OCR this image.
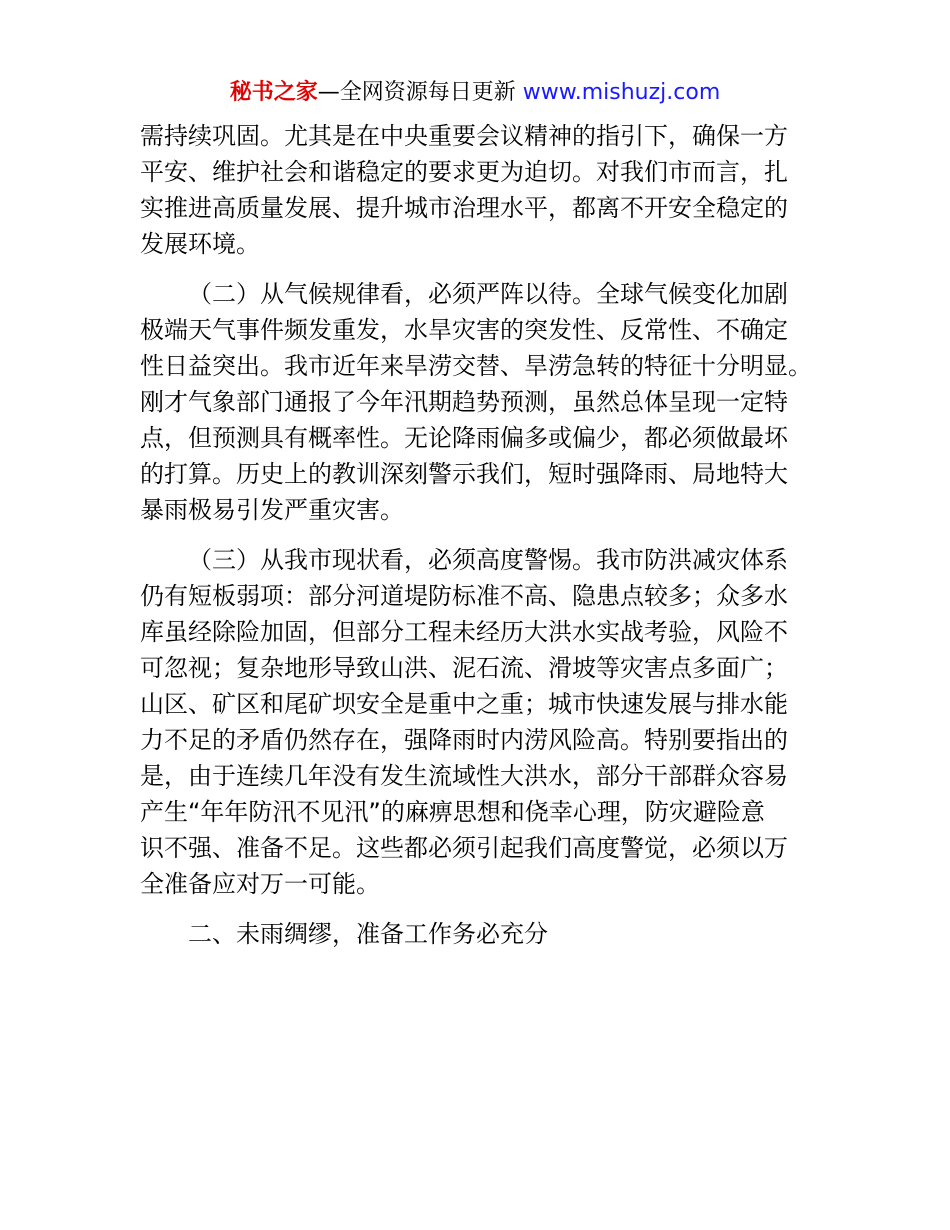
秘书之家—全网资源每日更新 www.mishuzj.com
需持续巩固。尤其是在中央重要会议精神的指引下，确保一方
平安、维护社会和谐稳定的要求更为迫切。对我们市而言，扎
实推进高质量发展、提升城市治理水平，都离不开安全稳定的
发展环境。
（二）从气候规律看，必须严阵以待。全球气候变化加剧
极端天气事件频发重发，水旱灾害的突发性、反常性、不确定
性日益突出。我市近年来旱涝交替、旱涝急转的特征十分明显。
刚才气象部门通报了今年汛期趋势预测，虽然总体呈现一定特
点，但预测具有概率性。无论降雨偏多或偏少，都必须做最坏
的打算。历史上的教训深刻警示我们，短时强降雨、局地特大
暴雨极易引发严重灾害。
（三）从我市现状看，必须高度警惕。我市防洪减灾体系
仍有短板弱项：部分河道堤防标准不高、隐患点较多；众多水
库虽经除险加固，但部分工程未经历大洪水实战考验，风险不
可忽视；复杂地形导致山洪、泥石流、滑坡等灾害点多面广；
山区、矿区和尾矿坝安全是重中之重；城市快速发展与排水能
力不足的矛盾仍然存在，强降雨时内涝风险高。特别要指出的
是，由于连续几年没有发生流域性大洪水，部分干部群众容易
产生“年年防汛不见汛”的麻痹思想和侥幸心理，防灾避险意
识不强、准备不足。这些都必须引起我们高度警觉，必须以万
全准备应对万一可能。
二、未雨绸缪，准备工作务必充分
